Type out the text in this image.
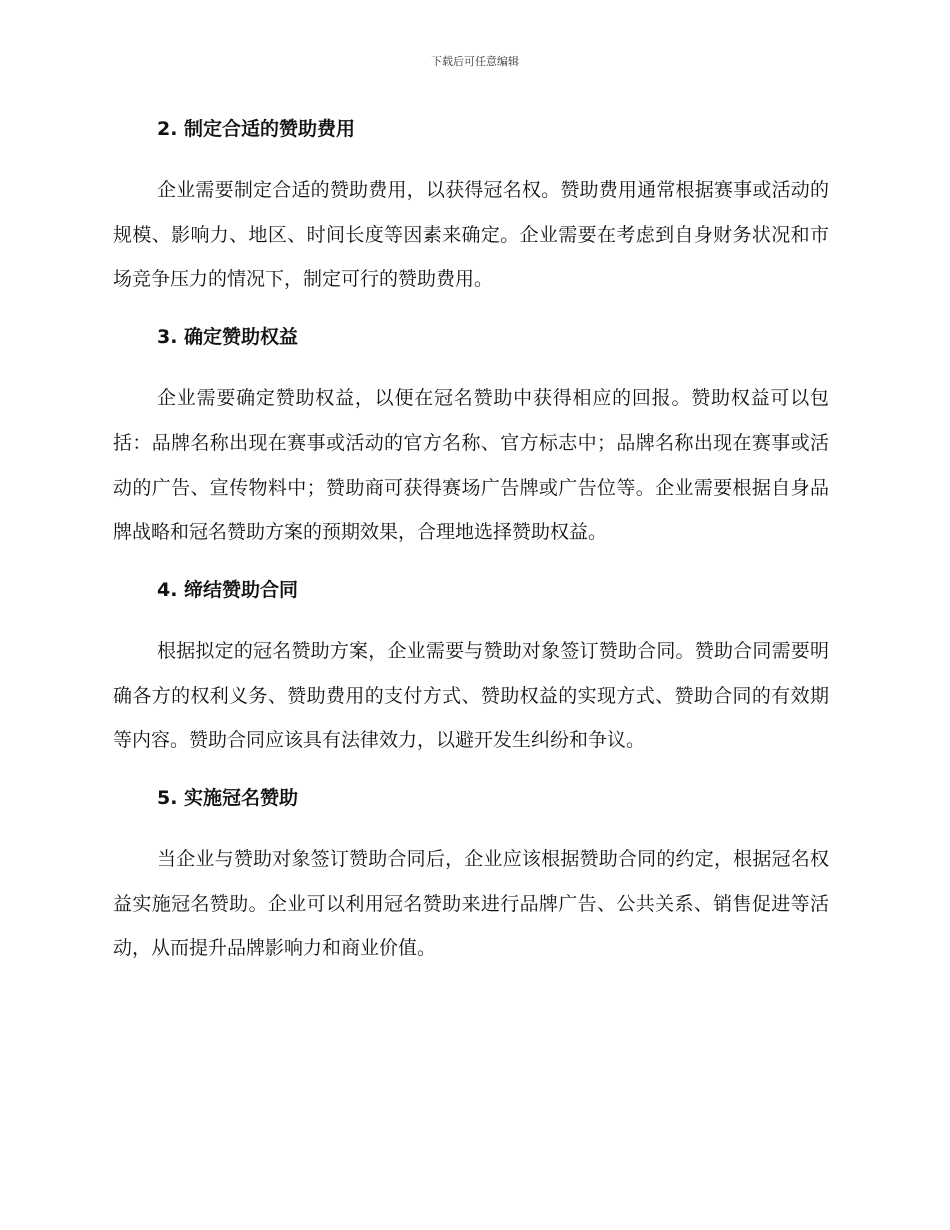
下载后可任意编辑
2. 制定合适的赞助费用

企业需要制定合适的赞助费用，以获得冠名权。赞助费用通常根据赛事或活动的规模、影响力、地区、时间长度等因素来确定。企业需要在考虑到自身财务状况和市场竞争压力的情况下，制定可行的赞助费用。

3. 确定赞助权益

企业需要确定赞助权益，以便在冠名赞助中获得相应的回报。赞助权益可以包括：品牌名称出现在赛事或活动的官方名称、官方标志中；品牌名称出现在赛事或活动的广告、宣传物料中；赞助商可获得赛场广告牌或广告位等。企业需要根据自身品牌战略和冠名赞助方案的预期效果，合理地选择赞助权益。

4. 缔结赞助合同

根据拟定的冠名赞助方案，企业需要与赞助对象签订赞助合同。赞助合同需要明确各方的权利义务、赞助费用的支付方式、赞助权益的实现方式、赞助合同的有效期等内容。赞助合同应该具有法律效力，以避开发生纠纷和争议。

5. 实施冠名赞助

当企业与赞助对象签订赞助合同后，企业应该根据赞助合同的约定，根据冠名权益实施冠名赞助。企业可以利用冠名赞助来进行品牌广告、公共关系、销售促进等活动，从而提升品牌影响力和商业价值。
